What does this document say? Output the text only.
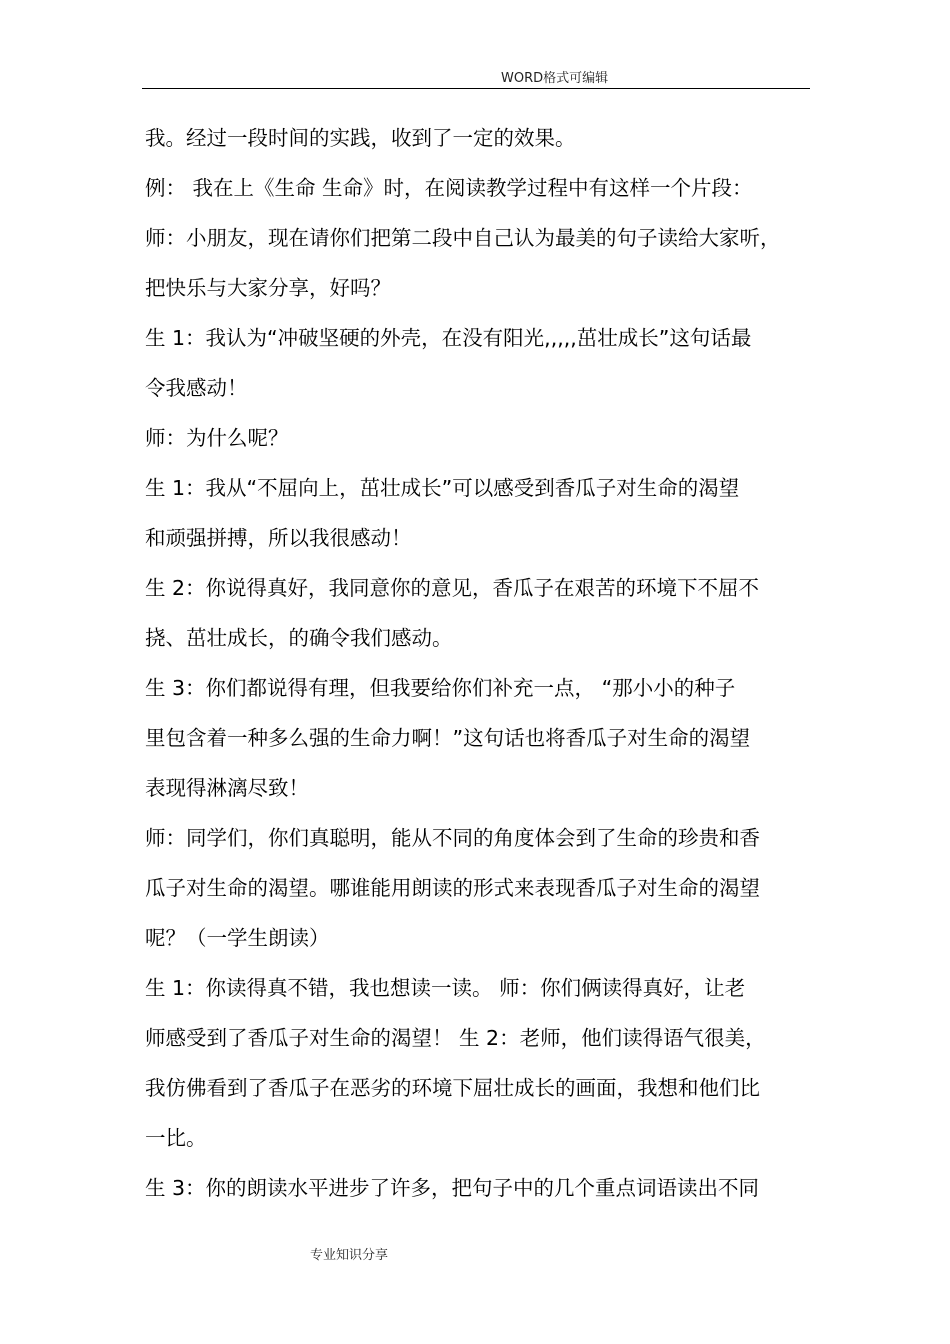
WORD格式可编辑
我。经过一段时间的实践，收到了一定的效果。
例： 我在上《生命 生命》时，在阅读教学过程中有这样一个片段：
师：小朋友，现在请你们把第二段中自己认为最美的句子读给大家听，
把快乐与大家分享，好吗？
生 1：我认为“冲破坚硬的外壳，在没有阳光,,,,,茁壮成长”这句话最
令我感动！
师：为什么呢？
生 1：我从“不屈向上，茁壮成长”可以感受到香瓜子对生命的渴望
和顽强拼搏，所以我很感动！
生 2：你说得真好，我同意你的意见，香瓜子在艰苦的环境下不屈不
挠、茁壮成长，的确令我们感动。
生 3：你们都说得有理，但我要给你们补充一点， “那小小的种子
里包含着一种多么强的生命力啊！”这句话也将香瓜子对生命的渴望
表现得淋漓尽致！
师：同学们，你们真聪明，能从不同的角度体会到了生命的珍贵和香
瓜子对生命的渴望。哪谁能用朗读的形式来表现香瓜子对生命的渴望
呢？（一学生朗读）
生 1：你读得真不错，我也想读一读。 师：你们俩读得真好，让老
师感受到了香瓜子对生命的渴望！ 生 2：老师，他们读得语气很美，
我仿佛看到了香瓜子在恶劣的环境下屈壮成长的画面，我想和他们比
一比。
生 3：你的朗读水平进步了许多，把句子中的几个重点词语读出不同
专业知识分享
